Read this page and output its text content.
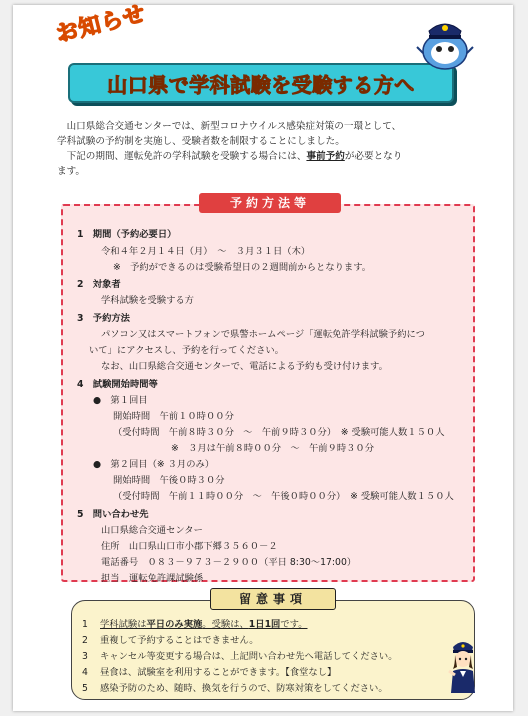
お知らせ
山口県で学科試験を受験する方へ

山口県総合交通センターでは、新型コロナウイルス感染症対策の一環として、

学科試験の予約制を実施し、受験者数を制限することにしました。

下記の期間、運転免許の学科試験を受験する場合には、事前予約が必要となり

ます。

1　期間（予約必要日）
令和４年２月１４日（月）　～　３月３１日（木）
※　予約ができるのは受験希望日の２週間前からとなります。
2　対象者
学科試験を受験する方
3　予約方法
パソコン又はスマートフォンで県警ホームページ「運転免許学科試験予約につ
いて」にアクセスし、予約を行ってください。
なお、山口県総合交通センターで、電話による予約も受け付けます。
4　試験開始時間等
●　第１回目
開始時間　午前１０時００分
（受付時間　午前８時３０分　～　午前９時３０分）　※ 受験可能人数１５０人
※　３月は午前８時００分　～　午前９時３０分
●　第２回目（※ ３月のみ）
開始時間　午後０時３０分
（受付時間　午前１１時００分　～　午後０時００分）　※ 受験可能人数１５０人
5　問い合わせ先
山口県総合交通センター
住所　山口県山口市小郡下郷３５６０－２
電話番号　０８３－９７３－２９００（平日 8:30～17:00）
担当　運転免許課試験係
予約方法等
1 学科試験は平日のみ実施。受験は、1日1回です。
2 重複して予約することはできません。
3 キャンセル等変更する場合は、上記問い合わせ先へ電話してください。
4 昼食は、試験室を利用することができます。【食堂なし】
5 感染予防のため、随時、換気を行うので、防寒対策をしてください。
留意事項
